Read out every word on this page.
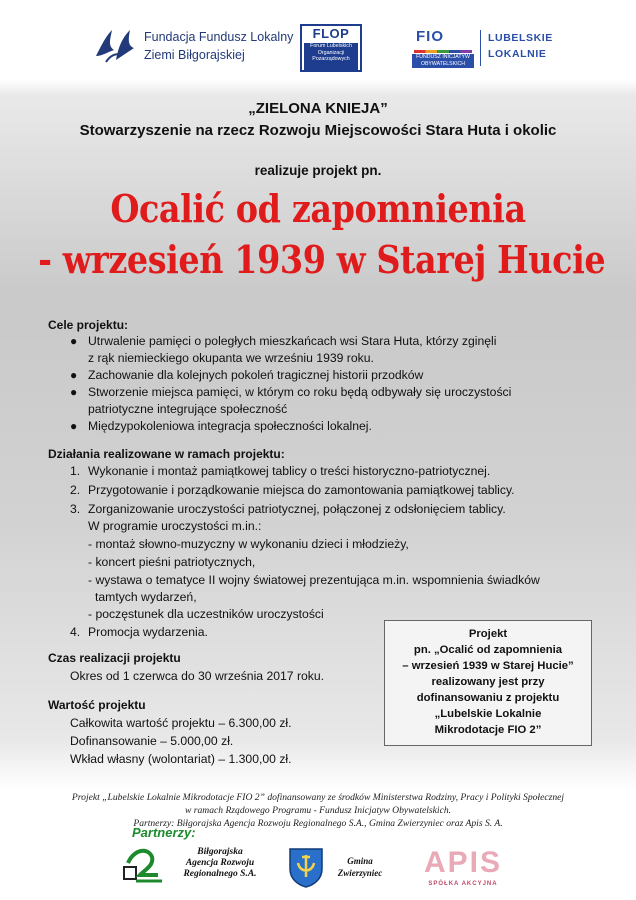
Fundacja Fundusz Lokalny
Ziemi Biłgorajskiej
FLOP
Forum Lubelskich
Organizacji
Pozarządowych
FIO
FUNDUSZ INICJATYW OBYWATELSKICH
LUBELSKIE
LOKALNIE
„ZIELONA KNIEJA”
Stowarzyszenie na rzecz Rozwoju Miejscowości Stara Huta i okolic
realizuje projekt pn.
Ocalić od zapomnienia
- wrzesień 1939 w Starej Hucie
Cele projektu:
● Utrwalenie pamięci o poległych mieszkańcach wsi Stara Huta, którzy zginęli
z rąk niemieckiego okupanta we wrześniu 1939 roku.
● Zachowanie dla kolejnych pokoleń tragicznej historii przodków
● Stworzenie miejsca pamięci, w którym co roku będą odbywały się uroczystości
patriotyczne integrujące społeczność
● Międzypokoleniowa integracja społeczności lokalnej.
Działania realizowane w ramach projektu:
1. Wykonanie i montaż pamiątkowej tablicy o treści historyczno-patriotycznej.
2. Przygotowanie i porządkowanie miejsca do zamontowania pamiątkowej tablicy.
3. Zorganizowanie uroczystości patriotycznej, połączonej z odsłonięciem tablicy.
W programie uroczystości m.in.:
- montaż słowno-muzyczny w wykonaniu dzieci i młodzieży,
- koncert pieśni patriotycznych,
- wystawa o tematyce II wojny światowej prezentująca m.in. wspomnienia świadków
tamtych wydarzeń,
- poczęstunek dla uczestników uroczystości
4. Promocja wydarzenia.
Czas realizacji projektu
Okres od 1 czerwca do 30 września 2017 roku.
Wartość projektu
Całkowita wartość projektu – 6.300,00 zł.
Dofinansowanie – 5.000,00 zł.
Wkład własny (wolontariat) – 1.300,00 zł.
Projekt
pn. „Ocalić od zapomnienia
– wrzesień 1939 w Starej Hucie”
realizowany jest przy
dofinansowaniu z projektu
„Lubelskie Lokalnie
Mikrodotacje FIO 2”
Projekt „Lubelskie Lokalnie Mikrodotacje FIO 2” dofinansowany ze środków Ministerstwa Rodziny, Pracy i Polityki Społecznej
w ramach Rządowego Programu - Fundusz Inicjatyw Obywatelskich.
Partnerzy: Biłgorajska Agencja Rozwoju Regionalnego S.A., Gmina Zwierzyniec oraz Apis S. A.
Partnerzy:
Biłgorajska
Agencja Rozwoju
Regionalnego S.A.
Gmina
Zwierzyniec	APIS
SPÓŁKA AKCYJNA
